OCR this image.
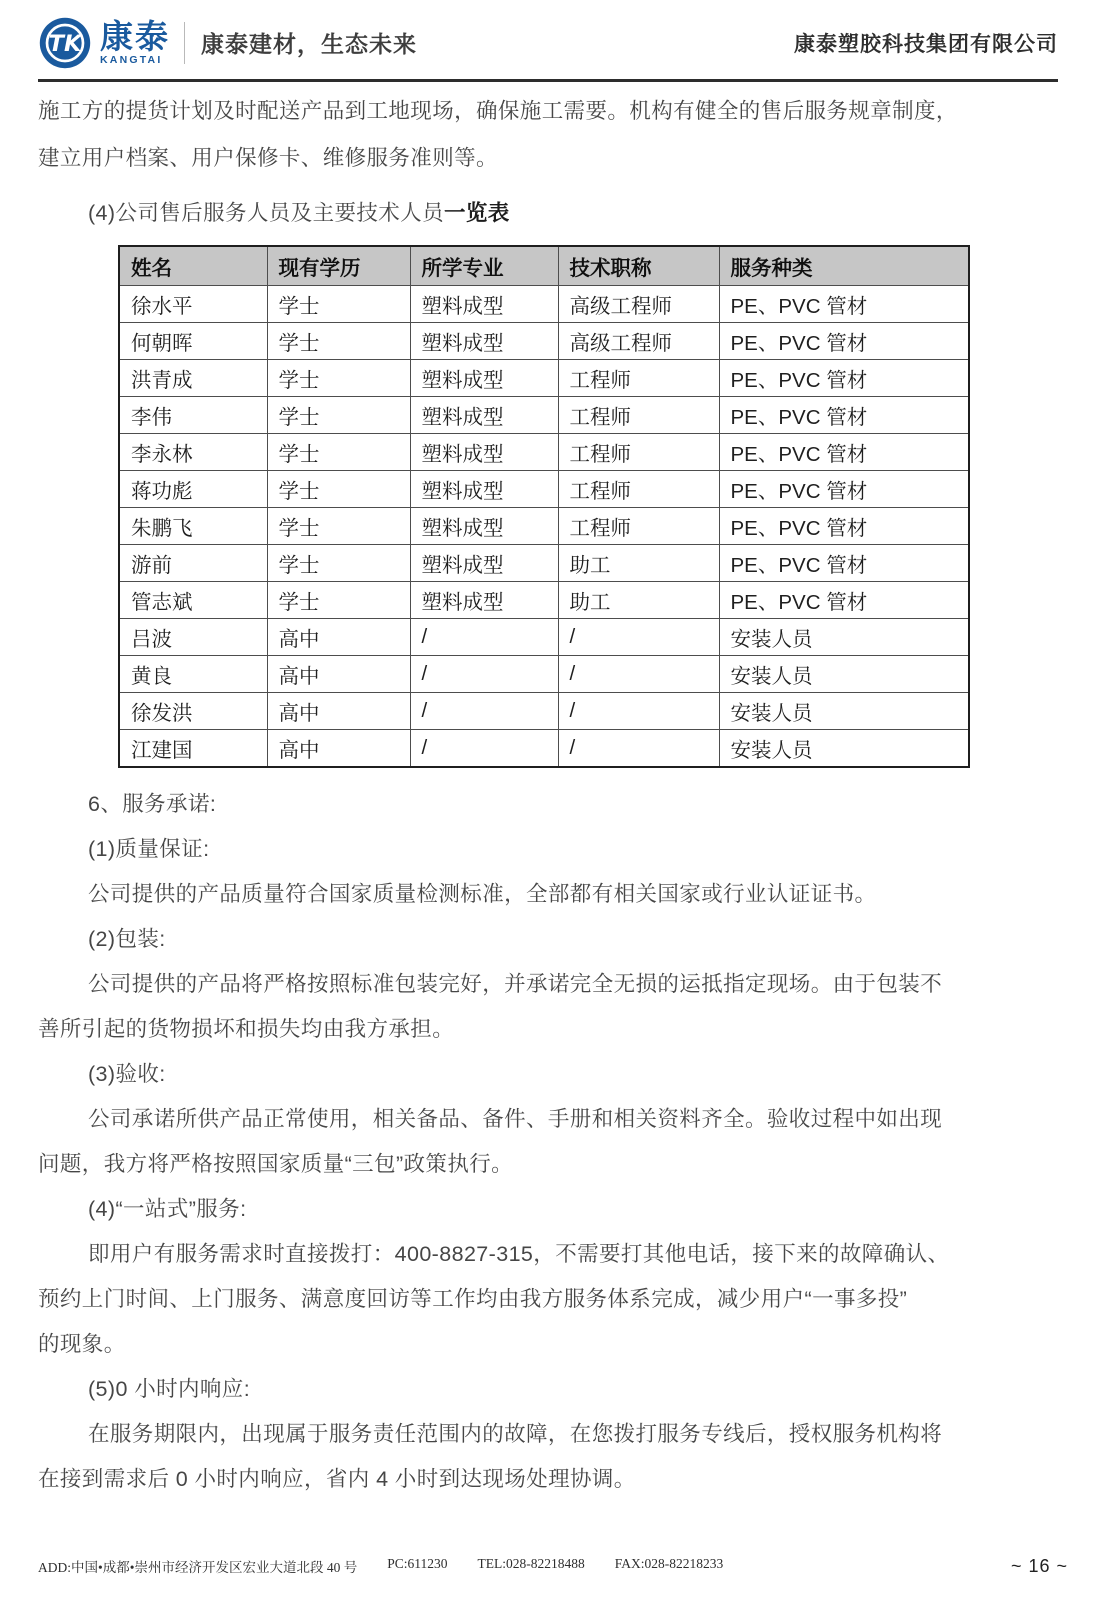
TK 康泰
KANGTAI
康泰建材，生态未来	康泰塑胶科技集团有限公司
施工方的提货计划及时配送产品到工地现场，确保施工需要。机构有健全的售后服务规章制度，
建立用户档案、用户保修卡、维修服务准则等。
(4)公司售后服务人员及主要技术人员一览表
姓名	现有学历	所学专业	技术职称	服务种类
徐水平	学士	塑料成型	高级工程师	PE、PVC 管材
何朝晖	学士	塑料成型	高级工程师	PE、PVC 管材
洪青成	学士	塑料成型	工程师	PE、PVC 管材
李伟	学士	塑料成型	工程师	PE、PVC 管材
李永林	学士	塑料成型	工程师	PE、PVC 管材
蒋功彪	学士	塑料成型	工程师	PE、PVC 管材
朱鹏飞	学士	塑料成型	工程师	PE、PVC 管材
游前	学士	塑料成型	助工	PE、PVC 管材
管志斌	学士	塑料成型	助工	PE、PVC 管材
吕波	高中	/	/	安装人员
黄良	高中	/	/	安装人员
徐发洪	高中	/	/	安装人员
江建国	高中	/	/	安装人员
6、服务承诺:
(1)质量保证:
公司提供的产品质量符合国家质量检测标准，全部都有相关国家或行业认证证书。
(2)包装:
公司提供的产品将严格按照标准包装完好，并承诺完全无损的运抵指定现场。由于包装不
善所引起的货物损坏和损失均由我方承担。
(3)验收:
公司承诺所供产品正常使用，相关备品、备件、手册和相关资料齐全。验收过程中如出现
问题，我方将严格按照国家质量“三包”政策执行。
(4)“一站式”服务:
即用户有服务需求时直接拨打：400-8827-315，不需要打其他电话，接下来的故障确认、
预约上门时间、上门服务、满意度回访等工作均由我方服务体系完成，减少用户“一事多投”
的现象。
(5)0 小时内响应:
在服务期限内，出现属于服务责任范围内的故障，在您拨打服务专线后，授权服务机构将
在接到需求后 0 小时内响应，省内 4 小时到达现场处理协调。
ADD:中国•成都•崇州市经济开发区宏业大道北段 40 号 PC:611230 TEL:028-82218488 FAX:028-82218233	~ 16 ~
